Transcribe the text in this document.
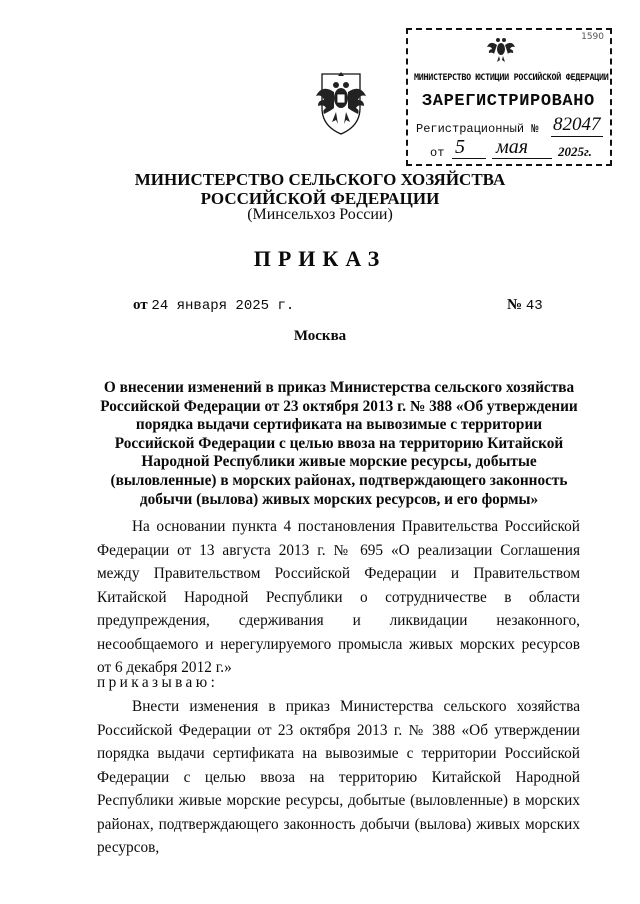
1590
МИНИСТЕРСТВО ЮСТИЦИИ РОССИЙСКОЙ ФЕДЕРАЦИИ
ЗАРЕГИСТРИРОВАНО
Регистрационный № 82047
от 5 мая 2025г.
МИНИСТЕРСТВО СЕЛЬСКОГО ХОЗЯЙСТВА
РОССИЙСКОЙ ФЕДЕРАЦИИ
(Минсельхоз России)
ПРИКАЗ
от 24 января 2025 г.	№ 43
Москва
О внесении изменений в приказ Министерства сельского хозяйства Российской Федерации от 23 октября 2013 г. № 388 «Об утверждении порядка выдачи сертификата на вывозимые с территории Российской Федерации с целью ввоза на территорию Китайской Народной Республики живые морские ресурсы, добытые (выловленные) в морских районах, подтверждающего законность добычи (вылова) живых морских ресурсов, и его формы»
На основании пункта 4 постановления Правительства Российской Федерации от 13 августа 2013 г. № 695 «О реализации Соглашения между Правительством Российской Федерации и Правительством Китайской Народной Республики о сотрудничестве в области предупреждения, сдерживания и ликвидации незаконного, несообщаемого и нерегулируемого промысла живых морских ресурсов от 6 декабря 2012 г.»
приказываю:
Внести изменения в приказ Министерства сельского хозяйства Российской Федерации от 23 октября 2013 г. № 388 «Об утверждении порядка выдачи сертификата на вывозимые с территории Российской Федерации с целью ввоза на территорию Китайской Народной Республики живые морские ресурсы, добытые (выловленные) в морских районах, подтверждающего законность добычи (вылова) живых морских ресурсов,
